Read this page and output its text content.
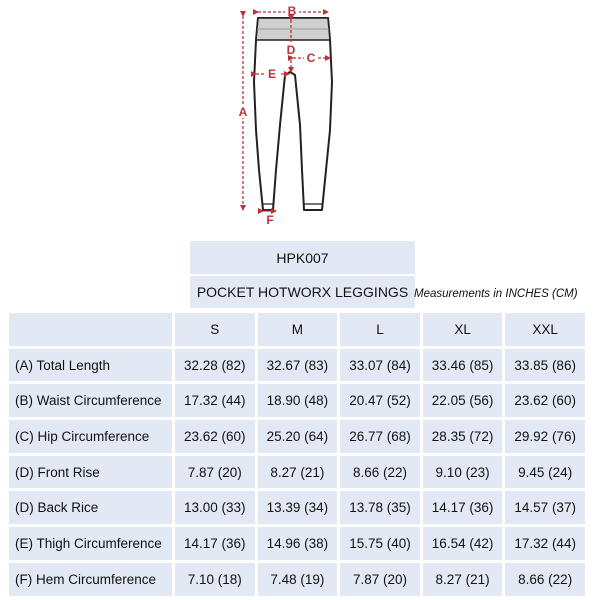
A
B
D
C
E
F
HPK007
POCKET HOTWORX LEGGINGS Measurements in INCHES (CM)
	S	M	L	XL	XXL
(A) Total Length	32.28 (82)	32.67 (83)	33.07 (84)	33.46 (85)	33.85 (86)
(B) Waist Circumference	17.32 (44)	18.90 (48)	20.47 (52)	22.05 (56)	23.62 (60)
(C) Hip Circumference	23.62 (60)	25.20 (64)	26.77 (68)	28.35 (72)	29.92 (76)
(D) Front Rise	7.87 (20)	8.27 (21)	8.66 (22)	9.10 (23)	9.45 (24)
(D) Back Rice	13.00 (33)	13.39 (34)	13.78 (35)	14.17 (36)	14.57 (37)
(E) Thigh Circumference	14.17 (36)	14.96 (38)	15.75 (40)	16.54 (42)	17.32 (44)
(F) Hem Circumference	7.10 (18)	7.48 (19)	7.87 (20)	8.27 (21)	8.66 (22)
